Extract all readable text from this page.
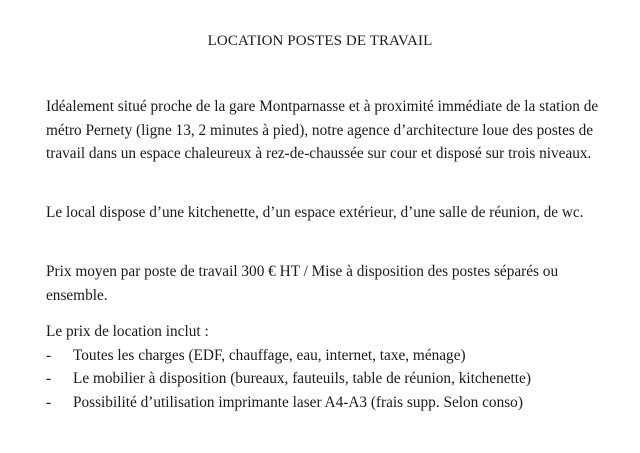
LOCATION POSTES DE TRAVAIL

Idéalement situé proche de la gare Montparnasse et à proximité immédiate de la station de métro Pernety (ligne 13, 2 minutes à pied), notre agence d’architecture loue des postes de travail dans un espace chaleureux à rez-de-chaussée sur cour et disposé sur trois niveaux.

Le local dispose d’une kitchenette, d’un espace extérieur, d’une salle de réunion, de wc.

Prix moyen par poste de travail 300 € HT / Mise à disposition des postes séparés ou ensemble.

Le prix de location inclut :

- Toutes les charges (EDF, chauffage, eau, internet, taxe, ménage)
- Le mobilier à disposition (bureaux, fauteuils, table de réunion, kitchenette)
- Possibilité d’utilisation imprimante laser A4-A3 (frais supp. Selon conso)
